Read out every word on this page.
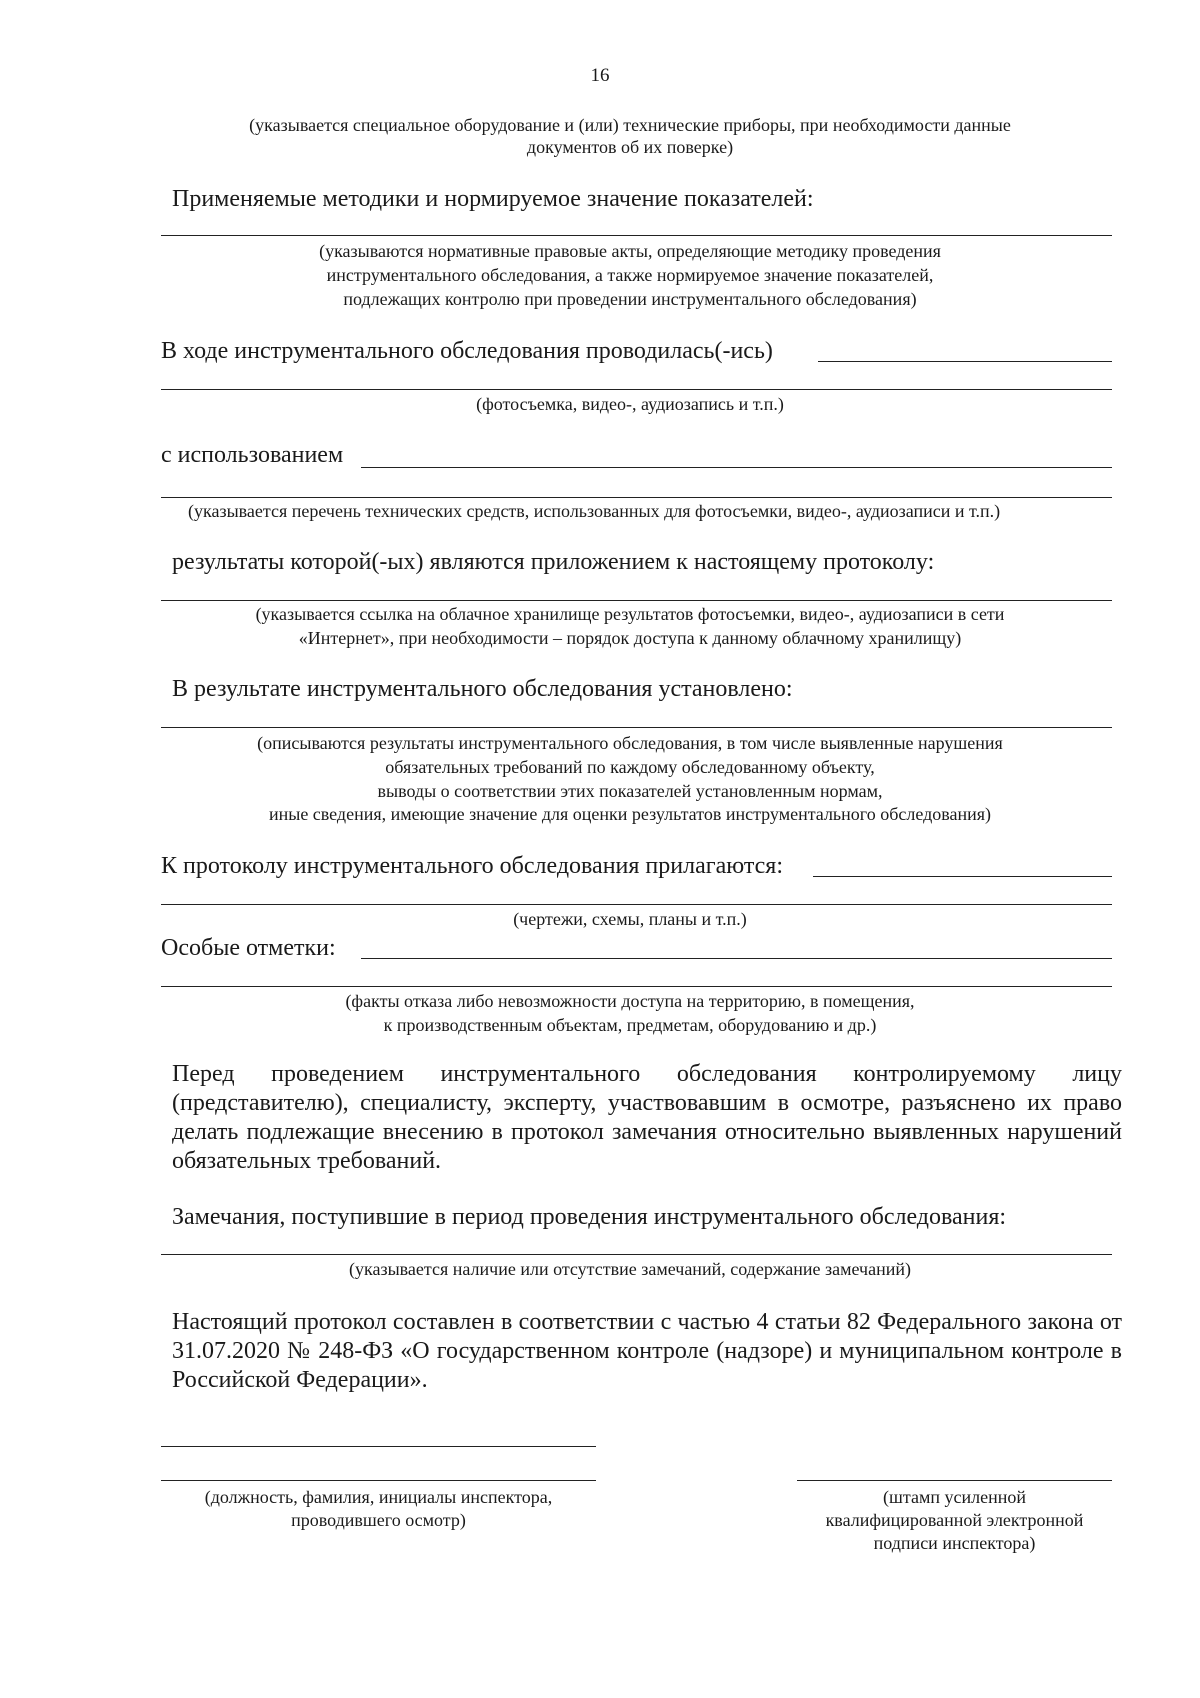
16
(указывается специальное оборудование и (или) технические приборы, при необходимости данные
документов об их поверке)
Применяемые методики и нормируемое значение показателей:
(указываются нормативные правовые акты, определяющие методику проведения
инструментального обследования, а также нормируемое значение показателей,
подлежащих контролю при проведении инструментального обследования)
В ходе инструментального обследования проводилась(-ись)
(фотосъемка, видео-, аудиозапись и т.п.)
с использованием
(указывается перечень технических средств, использованных для фотосъемки, видео-, аудиозаписи и т.п.)
результаты которой(-ых) являются приложением к настоящему протоколу:
(указывается ссылка на облачное хранилище результатов фотосъемки, видео-, аудиозаписи в сети
«Интернет», при необходимости – порядок доступа к данному облачному хранилищу)
В результате инструментального обследования установлено:
(описываются результаты инструментального обследования, в том числе выявленные нарушения
обязательных требований по каждому обследованному объекту,
выводы о соответствии этих показателей установленным нормам,
иные сведения, имеющие значение для оценки результатов инструментального обследования)
К протоколу инструментального обследования прилагаются:
(чертежи, схемы, планы и т.п.)
Особые отметки:
(факты отказа либо невозможности доступа на территорию, в помещения,
к производственным объектам, предметам, оборудованию и др.)
Перед проведением инструментального обследования контролируемому лицу (представителю), специалисту, эксперту, участвовавшим в осмотре, разъяснено их право делать подлежащие внесению в протокол замечания относительно выявленных нарушений обязательных требований.
Замечания, поступившие в период проведения инструментального обследования:
(указывается наличие или отсутствие замечаний, содержание замечаний)
Настоящий протокол составлен в соответствии с частью 4 статьи 82 Федерального закона от 31.07.2020 № 248-ФЗ «О государственном контроле (надзоре) и муниципальном контроле в Российской Федерации».
(должность, фамилия, инициалы инспектора,
проводившего осмотр)
(штамп усиленной
квалифицированной электронной
подписи инспектора)
